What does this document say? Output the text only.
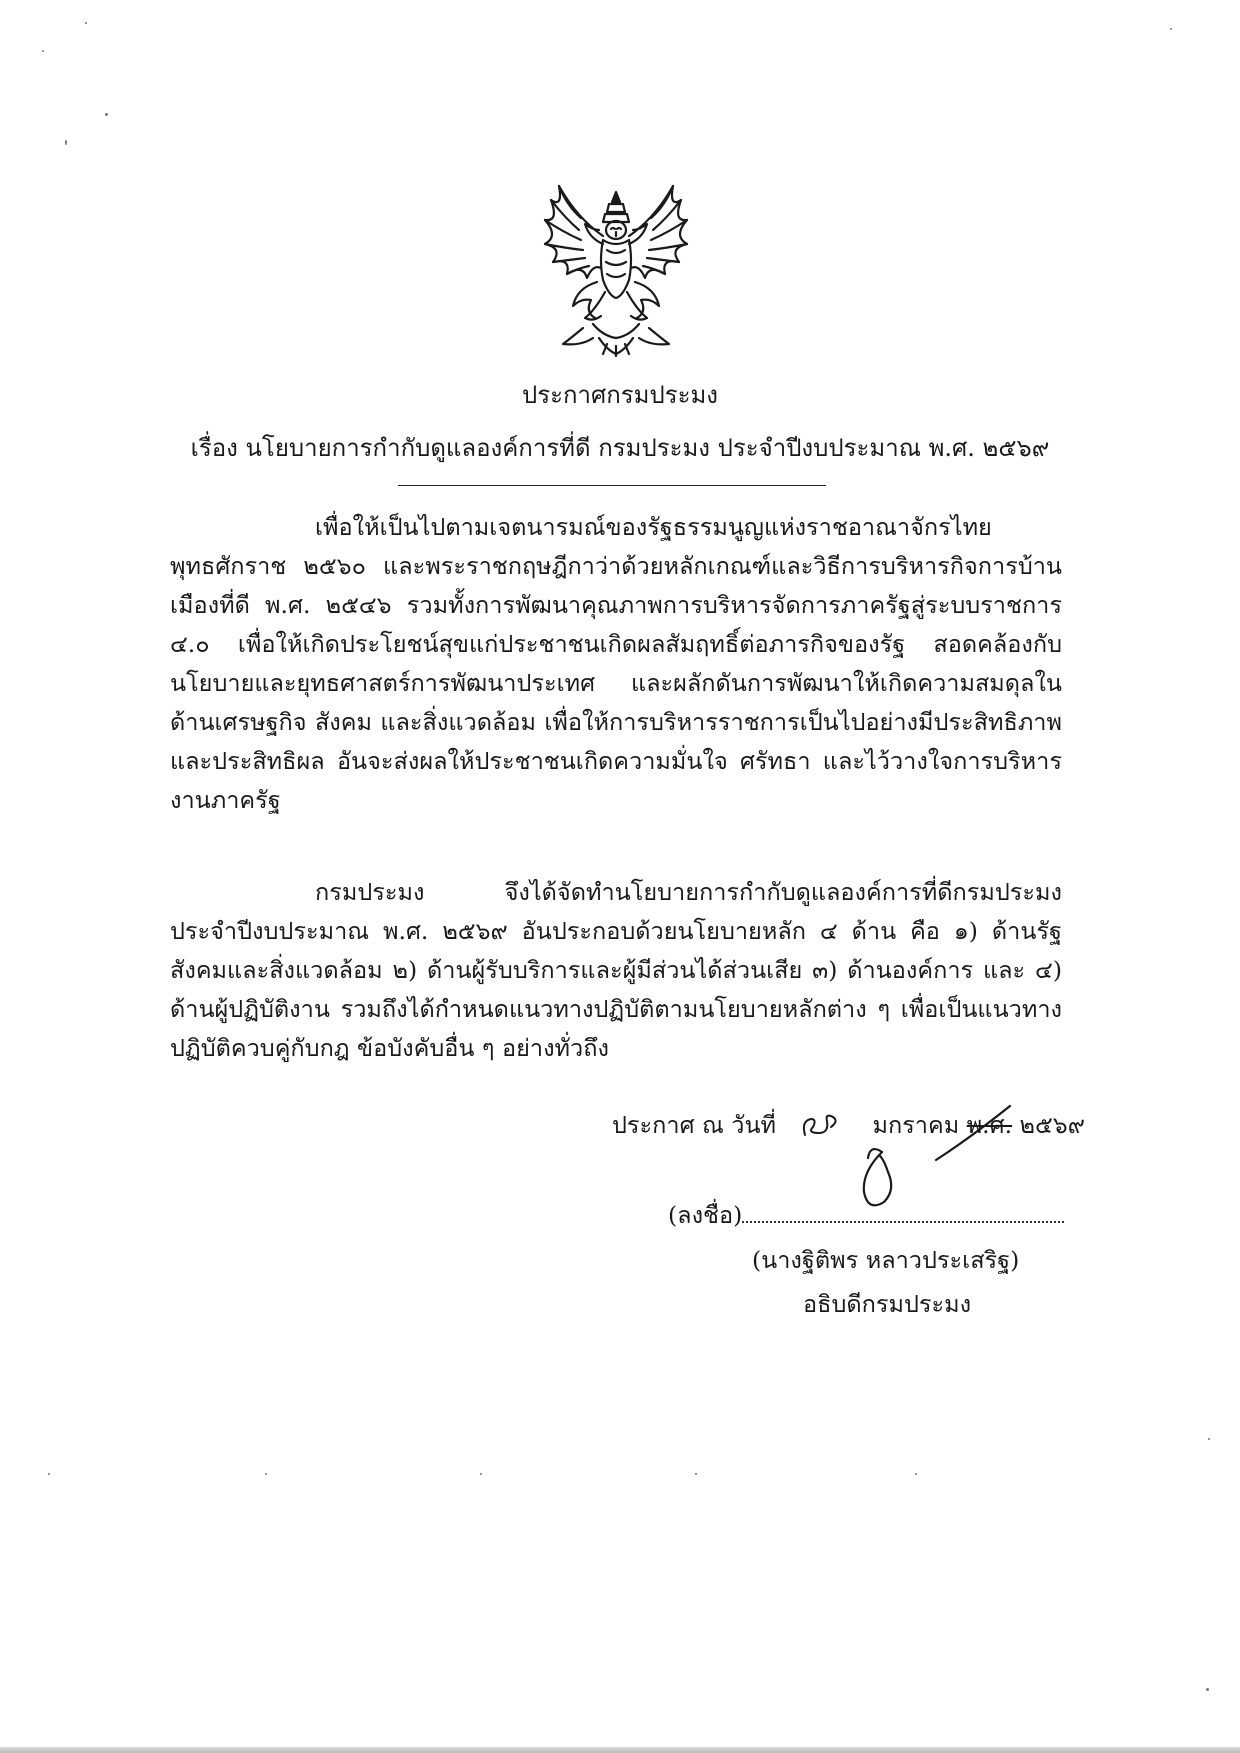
ประกาศกรมประมง
เรื่อง นโยบายการกำกับดูแลองค์การที่ดี กรมประมง ประจำปีงบประมาณ พ.ศ. ๒๕๖๙
เพื่อให้เป็นไปตามเจตนารมณ์ของรัฐธรรมนูญแห่งราชอาณาจักรไทย พุทธศักราช ๒๕๖๐ และพระราชกฤษฎีกาว่าด้วยหลักเกณฑ์และวิธีการบริหารกิจการบ้านเมืองที่ดี พ.ศ. ๒๕๔๖ รวมทั้งการพัฒนาคุณภาพการบริหารจัดการภาครัฐสู่ระบบราชการ ๔.๐ เพื่อให้เกิดประโยชน์สุขแก่ประชาชนเกิดผลสัมฤทธิ์ต่อภารกิจของรัฐ สอดคล้องกับนโยบายและยุทธศาสตร์การพัฒนาประเทศ และผลักดันการพัฒนาให้เกิดความสมดุลในด้านเศรษฐกิจ สังคม และสิ่งแวดล้อม เพื่อให้การบริหารราชการเป็นไปอย่างมีประสิทธิภาพและประสิทธิผล อันจะส่งผลให้ประชาชนเกิดความมั่นใจ ศรัทธา และไว้วางใจการบริหารงานภาครัฐ
กรมประมง จึงได้จัดทำนโยบายการกำกับดูแลองค์การที่ดีกรมประมง ประจำปีงบประมาณ พ.ศ. ๒๕๖๙ อันประกอบด้วยนโยบายหลัก ๔ ด้าน คือ ๑) ด้านรัฐ สังคมและสิ่งแวดล้อม ๒) ด้านผู้รับบริการและผู้มีส่วนได้ส่วนเสีย ๓) ด้านองค์การ และ ๔) ด้านผู้ปฏิบัติงาน รวมถึงได้กำหนดแนวทางปฏิบัติตามนโยบายหลักต่าง ๆ เพื่อเป็นแนวทางปฏิบัติควบคู่กับกฎ ข้อบังคับอื่น ๆ อย่างทั่วถึง
ประกาศ ณ วันที่	มกราคม พ.ศ. ๒๕๖๙
(ลงชื่อ)
(นางฐิติพร หลาวประเสริฐ)
อธิบดีกรมประมง
